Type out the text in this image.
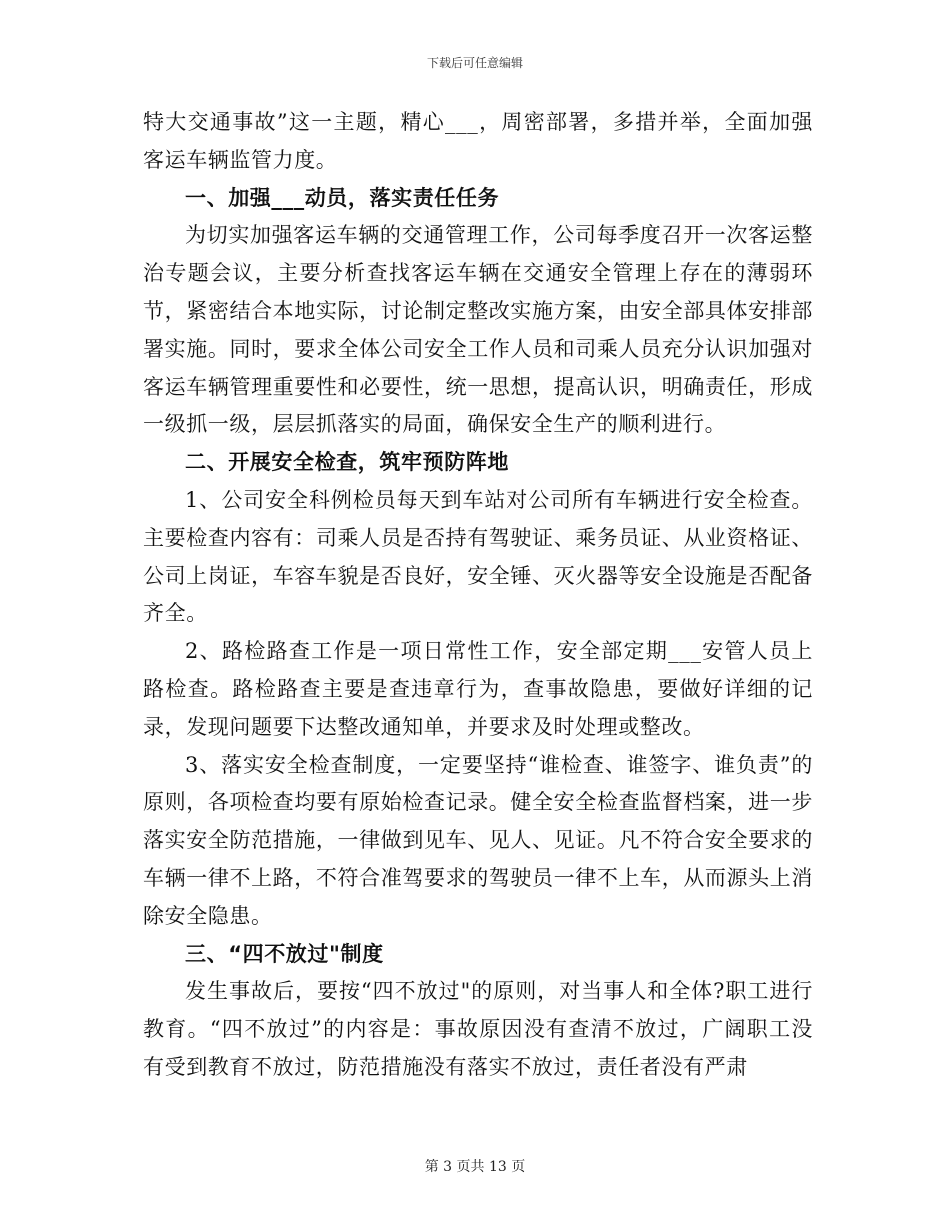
下载后可任意编辑

特大交通事故”这一主题，精心___，周密部署，多措并举，全面加强客运车辆监管力度。

一、加强___动员，落实责任任务

为切实加强客运车辆的交通管理工作，公司每季度召开一次客运整治专题会议，主要分析查找客运车辆在交通安全管理上存在的薄弱环节，紧密结合本地实际，讨论制定整改实施方案，由安全部具体安排部署实施。同时，要求全体公司安全工作人员和司乘人员充分认识加强对客运车辆管理重要性和必要性，统一思想，提高认识，明确责任，形成一级抓一级，层层抓落实的局面，确保安全生产的顺利进行。

二、开展安全检查，筑牢预防阵地

1、公司安全科例检员每天到车站对公司所有车辆进行安全检查。主要检查内容有：司乘人员是否持有驾驶证、乘务员证、从业资格证、公司上岗证，车容车貌是否良好，安全锤、灭火器等安全设施是否配备齐全。

2、路检路查工作是一项日常性工作，安全部定期___安管人员上路检查。路检路查主要是查违章行为，查事故隐患，要做好详细的记录，发现问题要下达整改通知单，并要求及时处理或整改。

3、落实安全检查制度，一定要坚持“谁检查、谁签字、谁负责”的原则，各项检查均要有原始检查记录。健全安全检查监督档案，进一步落实安全防范措施，一律做到见车、见人、见证。凡不符合安全要求的车辆一律不上路，不符合准驾要求的驾驶员一律不上车，从而源头上消除安全隐患。

三、“四不放过"制度

发生事故后，要按“四不放过"的原则，对当事人和全体?职工进行教育。“四不放过”的内容是：事故原因没有查清不放过，广阔职工没有受到教育不放过，防范措施没有落实不放过，责任者没有严肃

第 3 页共 13 页
